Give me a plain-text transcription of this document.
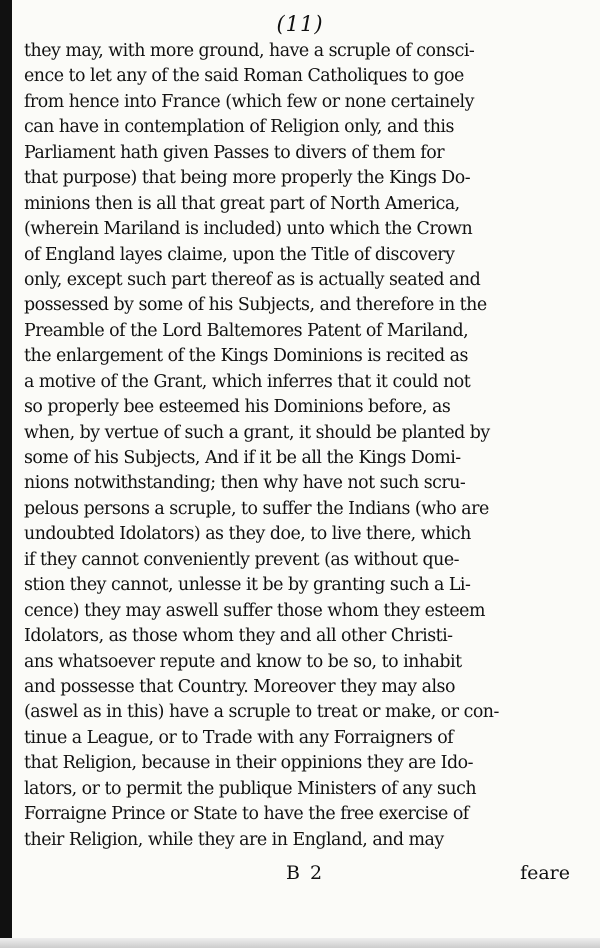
(11)
they may, with more ground, have a scruple of consci-
ence to let any of the said Roman Catholiques to goe
from hence into France (which few or none certainely
can have in contemplation of Religion only, and this
Parliament hath given Passes to divers of them for
that purpose) that being more properly the Kings Do-
minions then is all that great part of North America,
(wherein Mariland is included) unto which the Crown
of England layes claime, upon the Title of discovery
only, except such part thereof as is actually seated and
possessed by some of his Subjects, and therefore in the
Preamble of the Lord Baltemores Patent of Mariland,
the enlargement of the Kings Dominions is recited as
a motive of the Grant, which inferres that it could not
so properly bee esteemed his Dominions before, as
when, by vertue of such a grant, it should be planted by
some of his Subjects, And if it be all the Kings Domi-
nions notwithstanding; then why have not such scru-
pelous persons a scruple, to suffer the Indians (who are
undoubted Idolators) as they doe, to live there, which
if they cannot conveniently prevent (as without que-
stion they cannot, unlesse it be by granting such a Li-
cence) they may aswell suffer those whom they esteem
Idolators, as those whom they and all other Christi-
ans whatsoever repute and know to be so, to inhabit
and possesse that Country. Moreover they may also
(aswel as in this) have a scruple to treat or make, or con-
tinue a League, or to Trade with any Forraigners of
that Religion, because in their oppinions they are Ido-
lators, or to permit the publique Ministers of any such
Forraigne Prince or State to have the free exercise of
their Religion, while they are in England, and may
B 2	feare
